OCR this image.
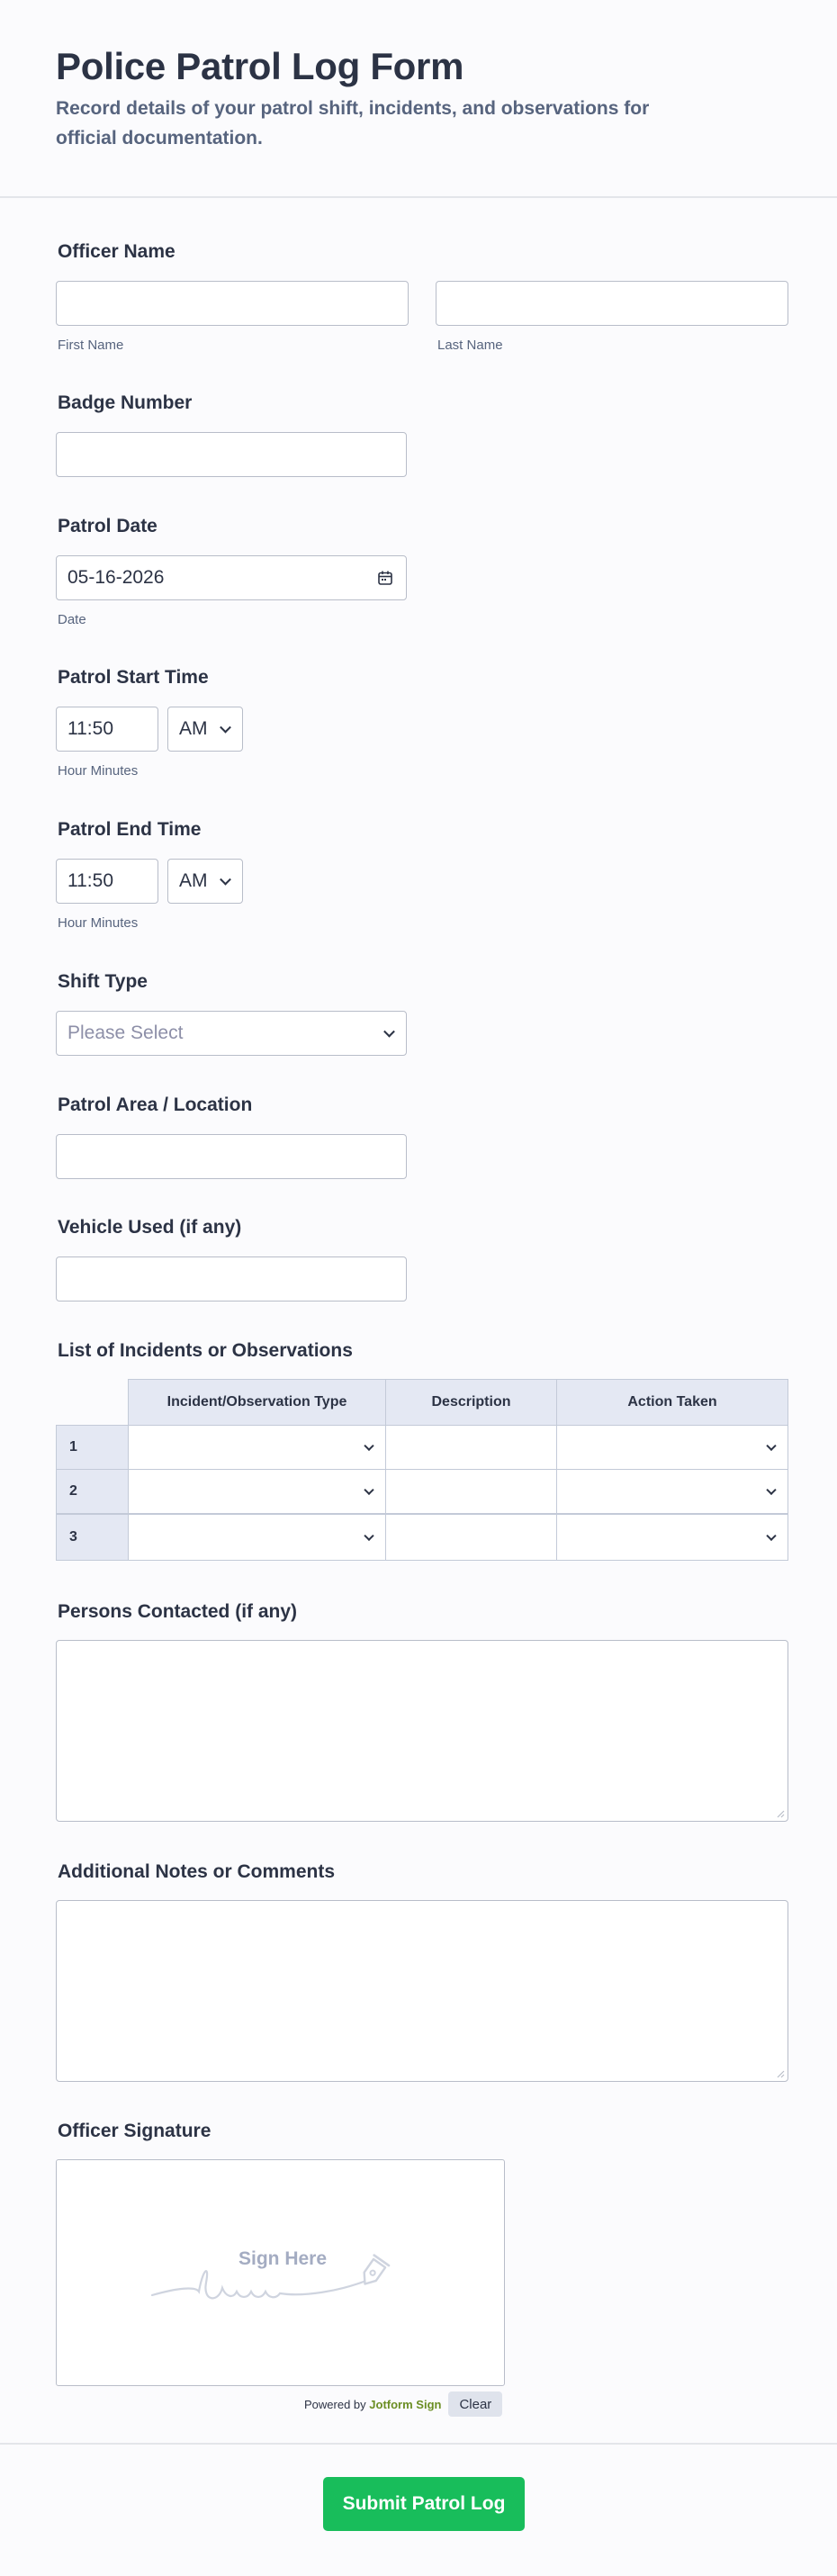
Police Patrol Log Form
Record details of your patrol shift, incidents, and observations for official documentation.
Officer Name
First Name	Last Name
Badge Number
Patrol Date
05-16-2026
Date
Patrol Start Time
11:50	AM
Hour Minutes
Patrol End Time
11:50	AM
Hour Minutes
Shift Type
Please Select
Patrol Area / Location
Vehicle Used (if any)
List of Incidents or Observations
Incident/Observation Type	Description	Action Taken
1
2
3
Persons Contacted (if any)
Additional Notes or Comments
Officer Signature
Sign Here
Powered by Jotform Sign	Clear
Submit Patrol Log
